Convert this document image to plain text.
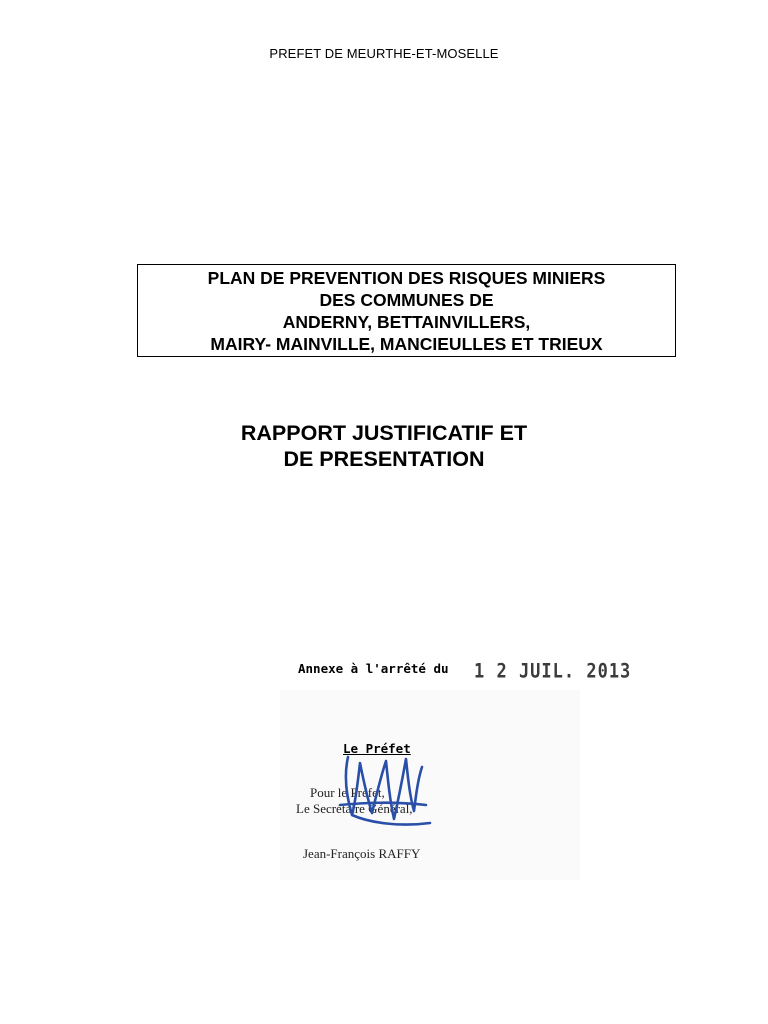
PREFET DE MEURTHE-ET-MOSELLE
PLAN DE PREVENTION DES RISQUES MINIERS
DES COMMUNES DE
ANDERNY, BETTAINVILLERS,
MAIRY- MAINVILLE, MANCIEULLES ET TRIEUX
RAPPORT JUSTIFICATIF ET
DE PRESENTATION
Annexe à l'arrêté du 1 2 JUIL. 2013
Le Préfet
Pour le Préfet,
Le Secrétaire Général,
Jean-François RAFFY
